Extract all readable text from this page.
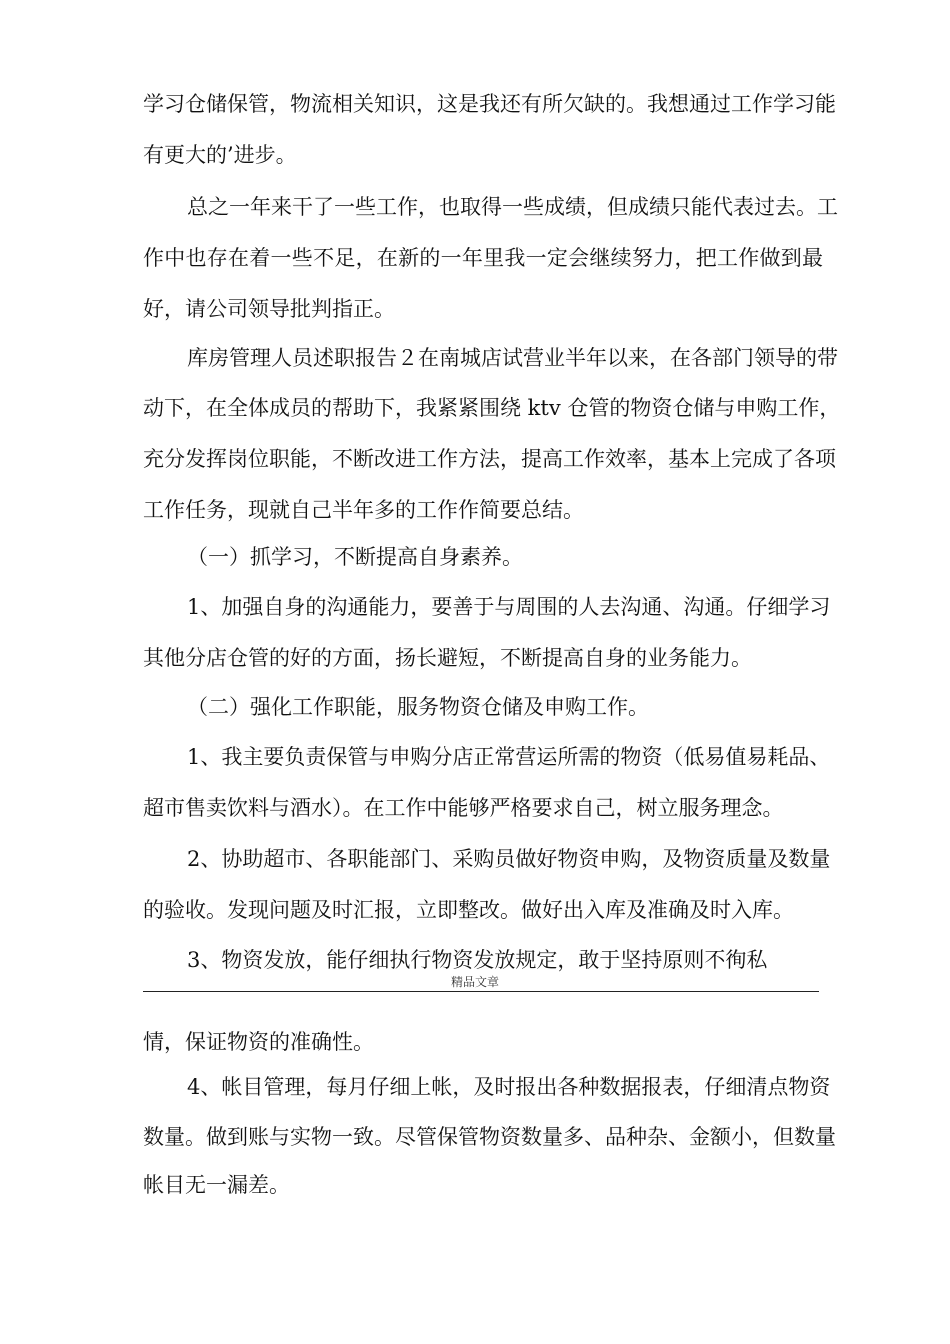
学习仓储保管，物流相关知识，这是我还有所欠缺的。我想通过工作学习能
有更大的’进步。
总之一年来干了一些工作，也取得一些成绩，但成绩只能代表过去。工
作中也存在着一些不足，在新的一年里我一定会继续努力，把工作做到最
好，请公司领导批判指正。
库房管理人员述职报告２在南城店试营业半年以来，在各部门领导的带
动下，在全体成员的帮助下，我紧紧围绕 ktv 仓管的物资仓储与申购工作，
充分发挥岗位职能，不断改进工作方法，提高工作效率，基本上完成了各项
工作任务，现就自己半年多的工作作简要总结。
（一）抓学习，不断提高自身素养。
1、加强自身的沟通能力，要善于与周围的人去沟通、沟通。仔细学习
其他分店仓管的好的方面，扬长避短，不断提高自身的业务能力。
（二）强化工作职能，服务物资仓储及申购工作。
1、我主要负责保管与申购分店正常营运所需的物资（低易值易耗品、
超市售卖饮料与酒水）。在工作中能够严格要求自己，树立服务理念。
2、协助超市、各职能部门、采购员做好物资申购，及物资质量及数量
的验收。发现问题及时汇报，立即整改。做好出入库及准确及时入库。
3、物资发放，能仔细执行物资发放规定，敢于坚持原则不徇私
精品文章
情，保证物资的准确性。
4、帐目管理，每月仔细上帐，及时报出各种数据报表，仔细清点物资
数量。做到账与实物一致。尽管保管物资数量多、品种杂、金额小，但数量
帐目无一漏差。
